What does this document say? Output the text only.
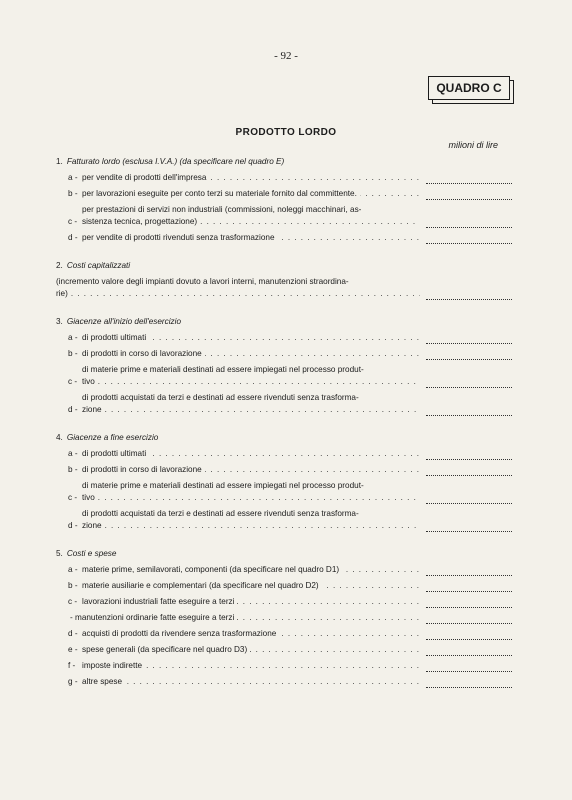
- 92 -
QUADRO C
PRODOTTO LORDO
milioni di lire
1. Fatturato lordo (esclusa I.V.A.) (da specificare nel quadro E)
a - per vendite di prodotti dell'impresa . . .
b - per lavorazioni eseguite per conto terzi su materiale fornito dal committente. . . .
c -
per prestazioni di servizi non industriali (commissioni, noleggi macchinari, as-
sistenza tecnica, progettazione) . . .
d - per vendite di prodotti rivenduti senza trasformazione . . .
2. Costi capitalizzati
(incremento valore degli impianti dovuto a lavori interni, manutenzioni straordina-
rie) . . .
3. Giacenze all'inizio dell'esercizio
a - di prodotti ultimati . . .
b - di prodotti in corso di lavorazione . . .
c -
di materie prime e materiali destinati ad essere impiegati nel processo produt-
tivo . . .
d -
di prodotti acquistati da terzi e destinati ad essere rivenduti senza trasforma-
zione . . .
4. Giacenze a fine esercizio
a - di prodotti ultimati . . .
b - di prodotti in corso di lavorazione . . .
c -
di materie prime e materiali destinati ad essere impiegati nel processo produt-
tivo . . .
d -
di prodotti acquistati da terzi e destinati ad essere rivenduti senza trasforma-
zione . . .
5. Costi e spese
a - materie prime, semilavorati, componenti (da specificare nel quadro D1) . . .
b - materie ausiliarie e complementari (da specificare nel quadro D2) . . .
c - lavorazioni industriali fatte eseguire a terzi . . .
- manutenzioni ordinarie fatte eseguire a terzi . . .
d - acquisti di prodotti da rivendere senza trasformazione . . .
e - spese generali (da specificare nel quadro D3) . . .
f - imposte indirette . . .
g - altre spese . . .
